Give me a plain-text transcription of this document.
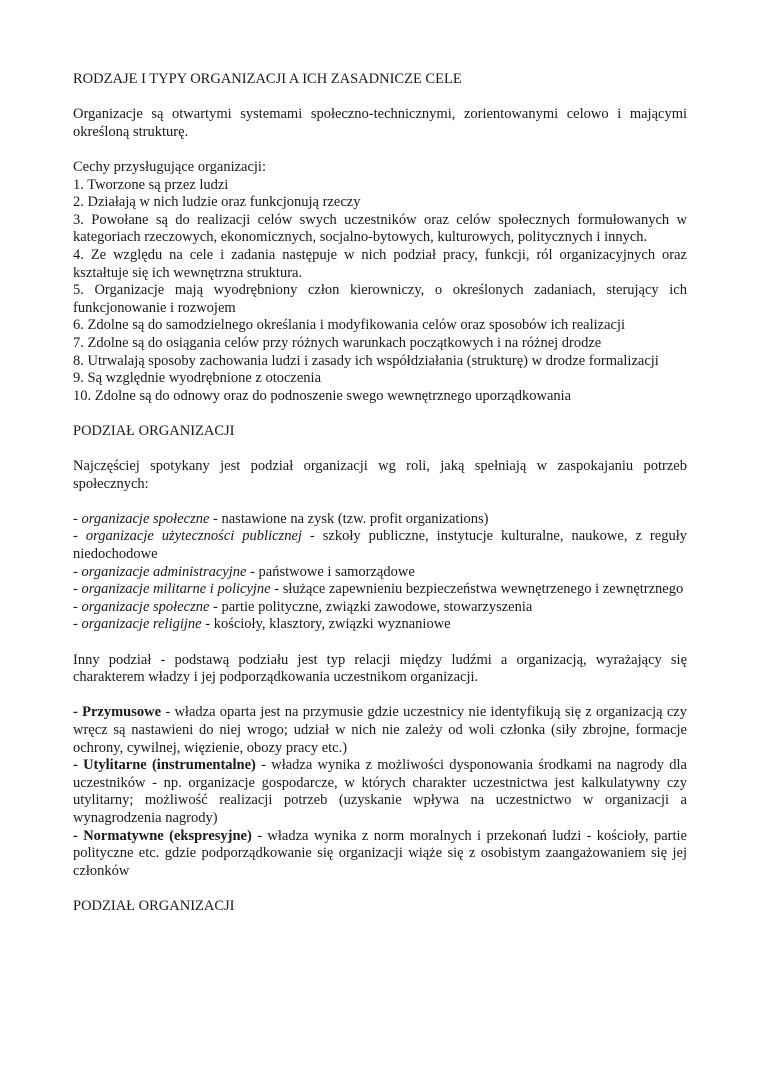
RODZAJE I TYPY ORGANIZACJI A ICH ZASADNICZE CELE

Organizacje są otwartymi systemami społeczno-technicznymi, zorientowanymi celowo i mającymi określoną strukturę.

Cechy przysługujące organizacji:

1. Tworzone są przez ludzi

2. Działają w nich ludzie oraz funkcjonują rzeczy

3. Powołane są do realizacji celów swych uczestników oraz celów społecznych formułowanych w kategoriach rzeczowych, ekonomicznych, socjalno-bytowych, kulturowych, politycznych i innych.

4. Ze względu na cele i zadania następuje w nich podział pracy, funkcji, ról organizacyjnych oraz kształtuje się ich wewnętrzna struktura.

5. Organizacje mają wyodrębniony człon kierowniczy, o określonych zadaniach, sterujący ich funkcjonowanie i rozwojem

6. Zdolne są do samodzielnego określania i modyfikowania celów oraz sposobów ich realizacji

7. Zdolne są do osiągania celów przy różnych warunkach początkowych i na różnej drodze

8. Utrwalają sposoby zachowania ludzi i zasady ich współdziałania (strukturę) w drodze formalizacji

9. Są względnie wyodrębnione z otoczenia

10. Zdolne są do odnowy oraz do podnoszenie swego wewnętrznego uporządkowania

PODZIAŁ ORGANIZACJI

Najczęściej spotykany jest podział organizacji wg roli, jaką spełniają w zaspokajaniu potrzeb społecznych:

- organizacje społeczne - nastawione na zysk (tzw. profit organizations)

- organizacje użyteczności publicznej - szkoły publiczne, instytucje kulturalne, naukowe, z reguły niedochodowe

- organizacje administracyjne - państwowe i samorządowe

- organizacje militarne i policyjne - służące zapewnieniu bezpieczeństwa wewnętrzenego i zewnętrznego

- organizacje społeczne - partie polityczne, związki zawodowe, stowarzyszenia

- organizacje religijne - kościoły, klasztory, związki wyznaniowe

Inny podział - podstawą podziału jest typ relacji między ludźmi a organizacją, wyrażający się charakterem władzy i jej podporządkowania uczestnikom organizacji.

- Przymusowe - władza oparta jest na przymusie gdzie uczestnicy nie identyfikują się z organizacją czy wręcz są nastawieni do niej wrogo; udział w nich nie zależy od woli członka (siły zbrojne, formacje ochrony, cywilnej, więzienie, obozy pracy etc.)

- Utylitarne (instrumentalne) - władza wynika z możliwości dysponowania środkami na nagrody dla uczestników - np. organizacje gospodarcze, w których charakter uczestnictwa jest kalkulatywny czy utylitarny; możliwość realizacji potrzeb (uzyskanie wpływa na uczestnictwo w organizacji a wynagrodzenia nagrody)

- Normatywne (ekspresyjne) - władza wynika z norm moralnych i przekonań ludzi - kościoły, partie polityczne etc. gdzie podporządkowanie się organizacji wiąże się z osobistym zaangażowaniem się jej członków

PODZIAŁ ORGANIZACJI
